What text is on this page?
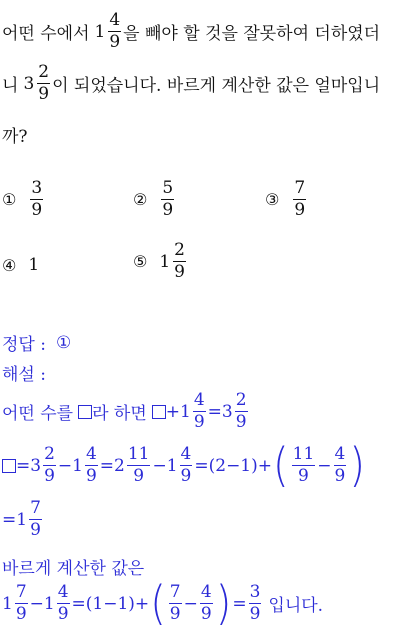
어떤 수에서 $1 \frac{4}{9}$ 을 빼야 할 것을 잘못하여 더하였더
니 $3 \frac{2}{9}$ 이 되었습니다. 바르게 계산한 값은 얼마입니
까?
① $\frac{3}{9}$	② $\frac{5}{9}$	③ $\frac{7}{9}$
④ 1	⑤ $1 \frac{2}{9}$
정답 : ①
해설 :
어떤 수를 라 하면 $+1 \frac{4}{9} =3 \frac{2}{9}$
$=3 \frac{2}{9} -1 \frac{4}{9} =2 \frac{11}{9} -1 \frac{4}{9} =(2-1)+$ ( $\frac{11}{9} - \frac{4}{9}$ )
= $1 \frac{7}{9}$
바르게 계산한 값은
$1 \frac{7}{9} -1 \frac{4}{9} =(1-1)+$ ( $\frac{7}{9} - \frac{4}{9}$ ) = $\frac{3}{9}$ 입니다.
